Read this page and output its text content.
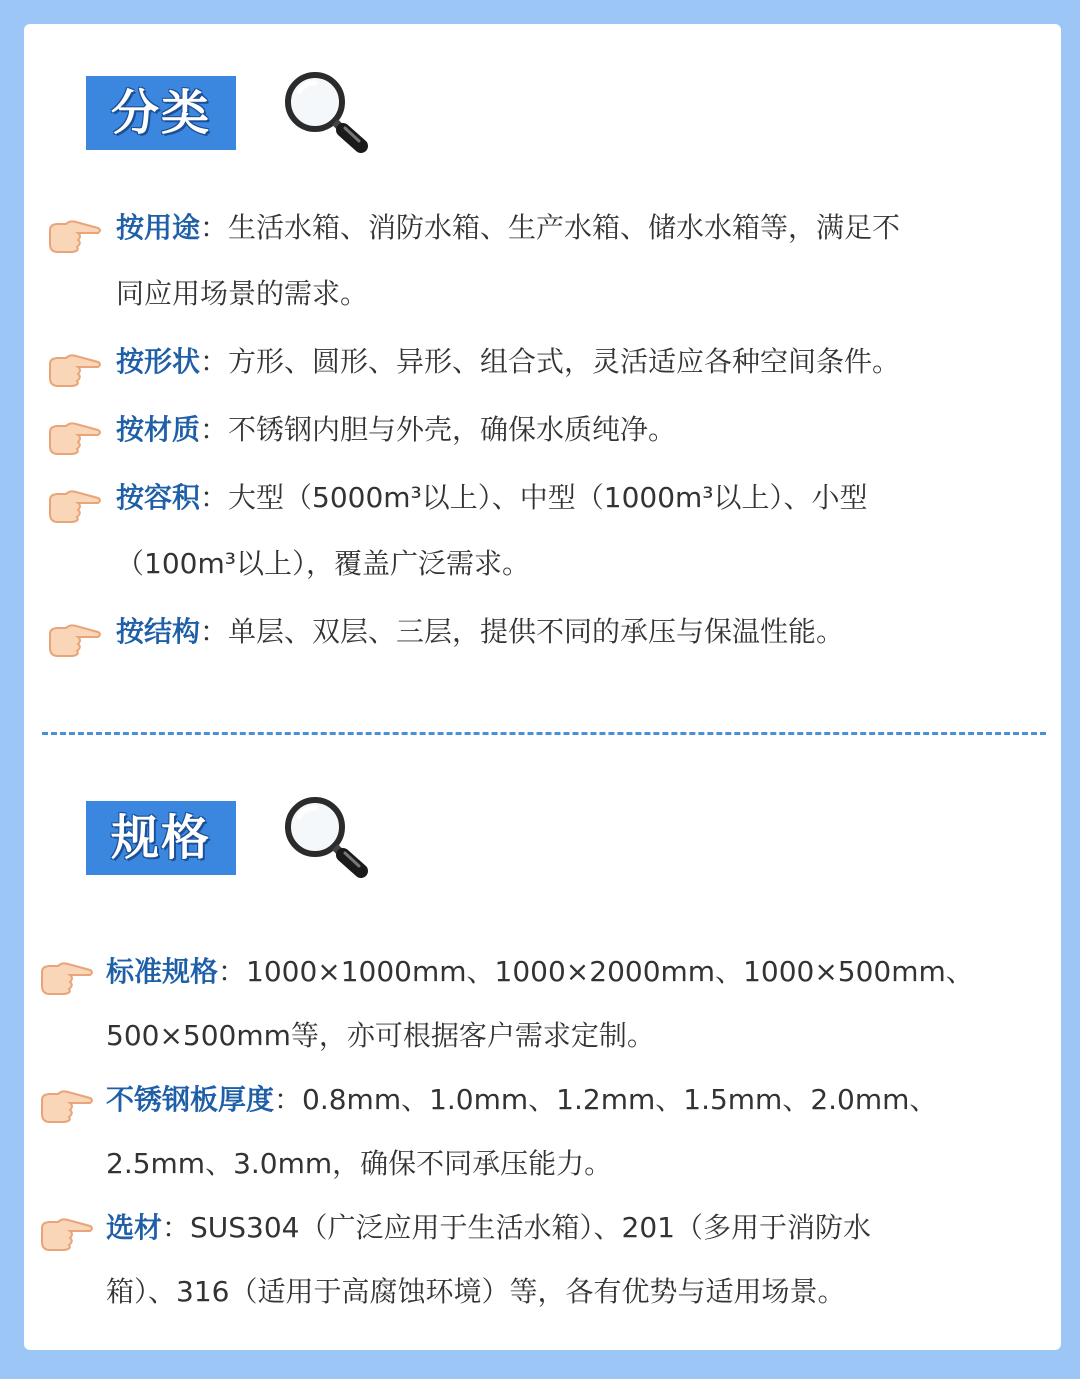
分类
按用途：生活水箱、消防水箱、生产水箱、储水水箱等，满足不
同应用场景的需求。
按形状：方形、圆形、异形、组合式，灵活适应各种空间条件。
按材质：不锈钢内胆与外壳，确保水质纯净。
按容积：大型（5000m³以上）、中型（1000m³以上）、小型
（100m³以上），覆盖广泛需求。
按结构：单层、双层、三层，提供不同的承压与保温性能。
规格
标准规格：1000×1000mm、1000×2000mm、1000×500mm、
500×500mm等，亦可根据客户需求定制。
不锈钢板厚度：0.8mm、1.0mm、1.2mm、1.5mm、2.0mm、
2.5mm、3.0mm，确保不同承压能力。
选材：SUS304（广泛应用于生活水箱）、201（多用于消防水
箱）、316（适用于高腐蚀环境）等，各有优势与适用场景。
